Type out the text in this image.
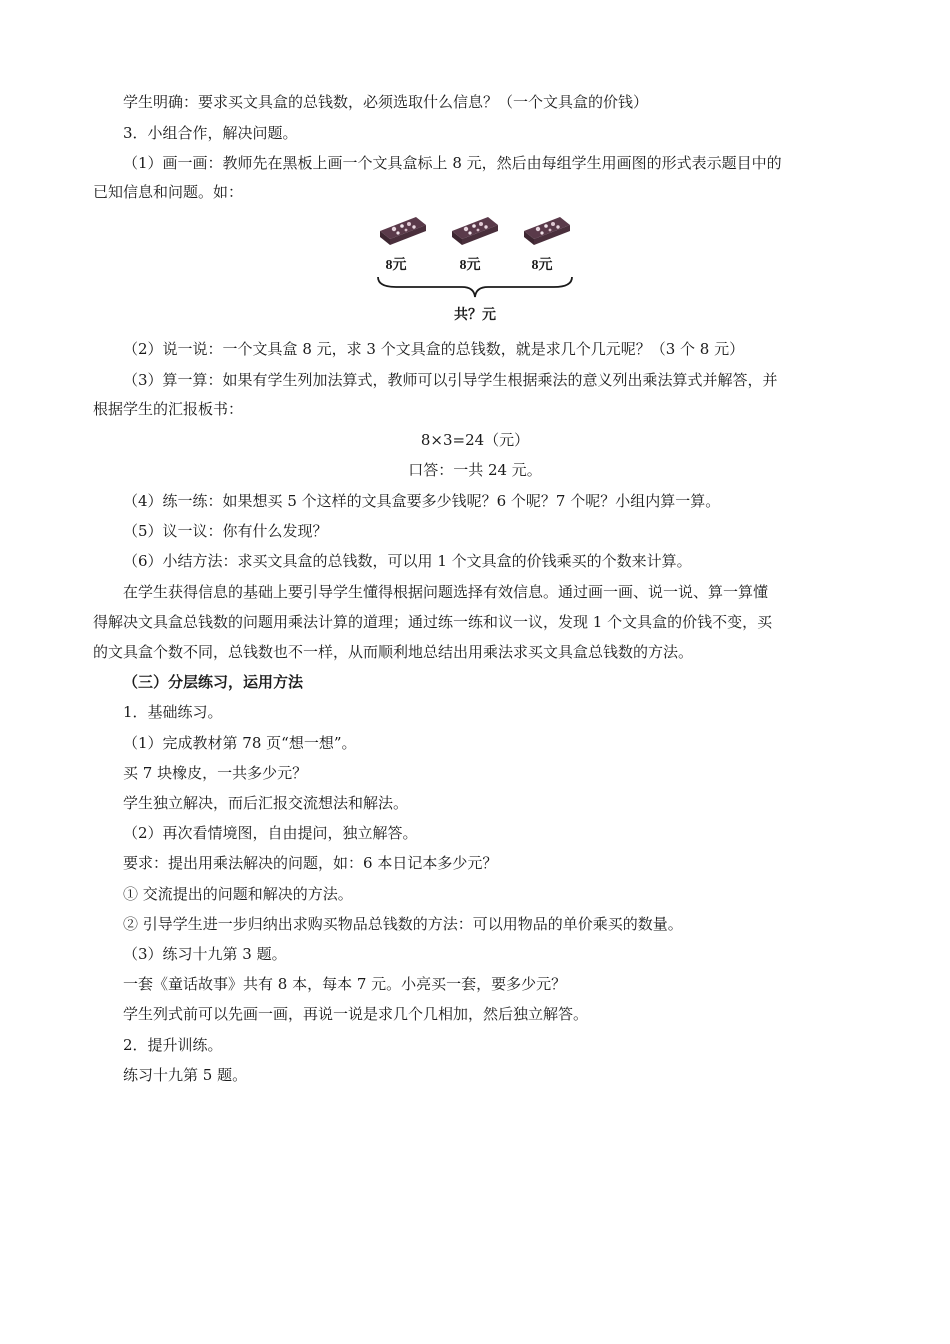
学生明确：要求买文具盒的总钱数，必须选取什么信息？（一个文具盒的价钱）
3．小组合作，解决问题。
（1）画一画：教师先在黑板上画一个文具盒标上 8 元，然后由每组学生用画图的形式表示题目中的
已知信息和问题。如：
8元	8元	8元
共？元
（2）说一说：一个文具盒 8 元，求 3 个文具盒的总钱数，就是求几个几元呢？（3 个 8 元）
（3）算一算：如果有学生列加法算式，教师可以引导学生根据乘法的意义列出乘法算式并解答，并
根据学生的汇报板书：
8×3=24（元）
口答：一共 24 元。
（4）练一练：如果想买 5 个这样的文具盒要多少钱呢？6 个呢？7 个呢？小组内算一算。
（5）议一议：你有什么发现？
（6）小结方法：求买文具盒的总钱数，可以用 1 个文具盒的价钱乘买的个数来计算。
在学生获得信息的基础上要引导学生懂得根据问题选择有效信息。通过画一画、说一说、算一算懂
得解决文具盒总钱数的问题用乘法计算的道理；通过练一练和议一议，发现 1 个文具盒的价钱不变，买
的文具盒个数不同，总钱数也不一样，从而顺利地总结出用乘法求买文具盒总钱数的方法。
（三）分层练习，运用方法
1．基础练习。
（1）完成教材第 78 页“想一想”。
买 7 块橡皮，一共多少元？
学生独立解决，而后汇报交流想法和解法。
（2）再次看情境图，自由提问，独立解答。
要求：提出用乘法解决的问题，如：6 本日记本多少元？
① 交流提出的问题和解决的方法。
② 引导学生进一步归纳出求购买物品总钱数的方法：可以用物品的单价乘买的数量。
（3）练习十九第 3 题。
一套《童话故事》共有 8 本，每本 7 元。小亮买一套，要多少元？
学生列式前可以先画一画，再说一说是求几个几相加，然后独立解答。
2．提升训练。
练习十九第 5 题。
